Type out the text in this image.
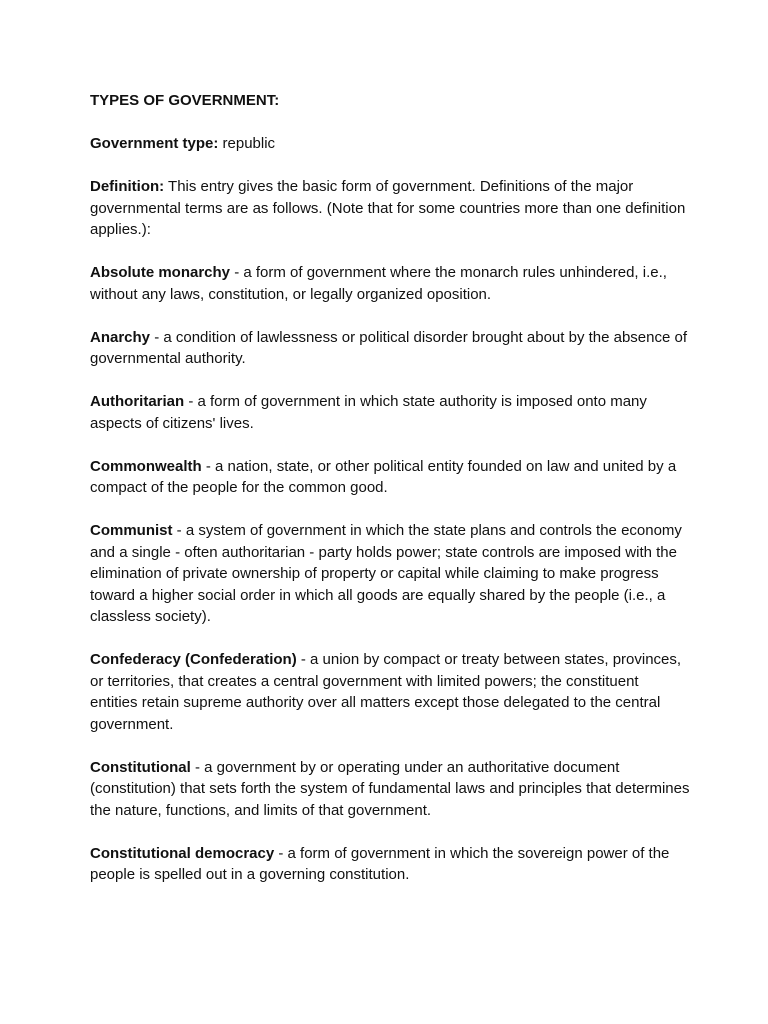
TYPES OF GOVERNMENT:

Government type: republic

Definition: This entry gives the basic form of government. Definitions of the major governmental terms are as follows. (Note that for some countries more than one definition applies.):

Absolute monarchy - a form of government where the monarch rules unhindered, i.e., without any laws, constitution, or legally organized oposition.

Anarchy - a condition of lawlessness or political disorder brought about by the absence of governmental authority.

Authoritarian - a form of government in which state authority is imposed onto many aspects of citizens' lives.

Commonwealth - a nation, state, or other political entity founded on law and united by a compact of the people for the common good.

Communist - a system of government in which the state plans and controls the economy and a single - often authoritarian - party holds power; state controls are imposed with the elimination of private ownership of property or capital while claiming to make progress toward a higher social order in which all goods are equally shared by the people (i.e., a classless society).

Confederacy (Confederation) - a union by compact or treaty between states, provinces, or territories, that creates a central government with limited powers; the constituent entities retain supreme authority over all matters except those delegated to the central government.

Constitutional - a government by or operating under an authoritative document (constitution) that sets forth the system of fundamental laws and principles that determines the nature, functions, and limits of that government.

Constitutional democracy - a form of government in which the sovereign power of the people is spelled out in a governing constitution.
